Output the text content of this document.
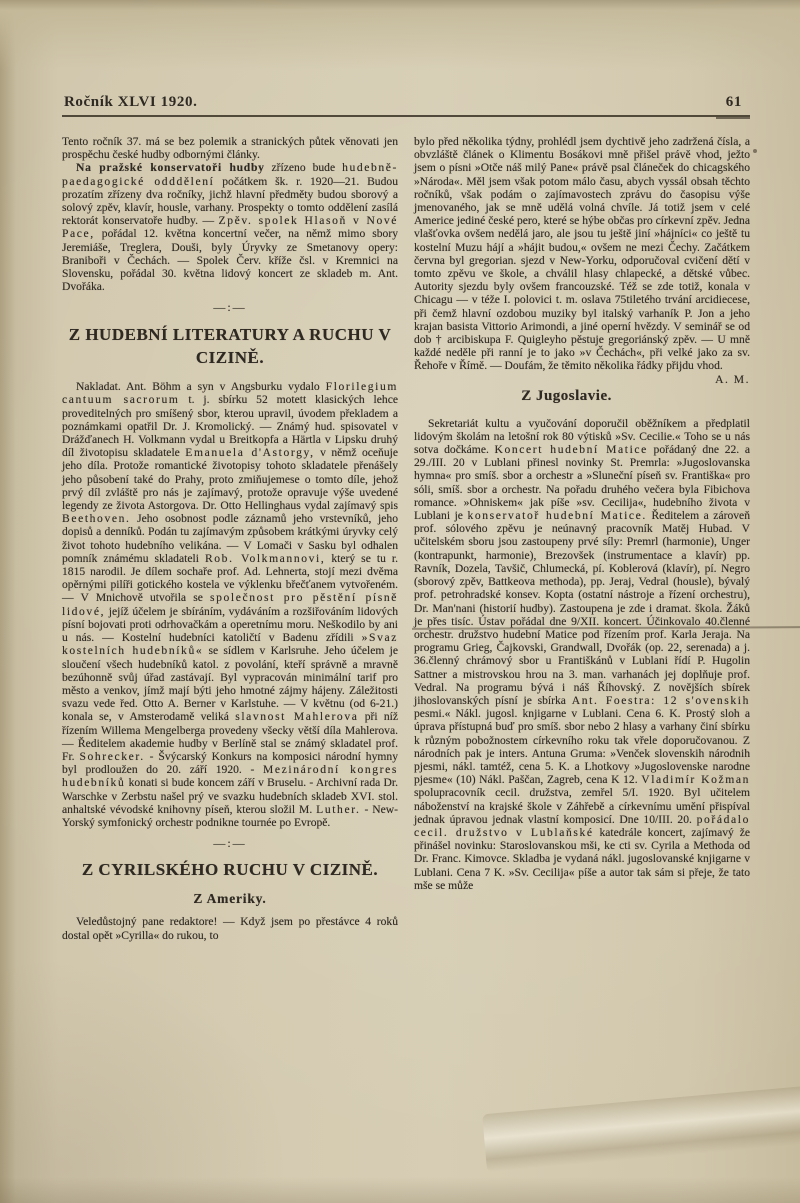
Ročník XLVI 1920.	61

Tento ročník 37. má se bez polemik a stranických půtek věnovati jen prospěchu české hudby odbornými články.

Na pražské konservatoři hudby zřízeno bude hudebně-paedagogické odddělení počátkem šk. r. 1920—21. Budou prozatím zřízeny dva ročníky, jichž hlavní předměty budou sborový a solový zpěv, klavír, housle, varhany. Prospekty o tomto oddělení zasílá rektorát konservatoře hudby. — Zpěv. spolek Hlasoň v Nové Pace, pořádal 12. května koncertní večer, na němž mimo sbory Jeremiáše, Treglera, Douši, byly Úryvky ze Smetanovy opery: Braniboři v Čechách. — Spolek Červ. kříže čsl. v Kremnici na Slovensku, pořádal 30. května lidový koncert ze skladeb m. Ant. Dvořáka.

—:—
Z HUDEBNÍ LITERATURY A RUCHU V CIZINĚ.

Nakladat. Ant. Böhm a syn v Angsburku vydalo Florilegium cantuum sacrorum t. j. sbírku 52 motett klasických lehce proveditelných pro smíšený sbor, kterou upravil, úvodem překladem a poznámkami opatřil Dr. J. Kromolický. — Známý hud. spisovatel v Drážďanech H. Volkmann vydal u Breitkopfa a Härtla v Lipsku druhý díl životopisu skladatele Emanuela d'Astorgy, v němž oceňuje jeho díla. Protože romantické životopisy tohoto skladatele přenášely jeho působení také do Prahy, proto zmiňujemese o tomto díle, jehož prvý díl zvláště pro nás je zajímavý, protože opravuje výše uvedené legendy ze života Astorgova. Dr. Otto Hellinghaus vydal zajímavý spis Beethoven. Jeho osobnost podle záznamů jeho vrstevníků, jeho dopisů a denníků. Podán tu zajímavým způsobem krátkými úryvky celý život tohoto hudebního velikána. — V Lomači v Sasku byl odhalen pomník známému skladateli Rob. Volkmannovi, který se tu r. 1815 narodil. Je dílem sochaře prof. Ad. Lehnerta, stojí mezi dvěma opěrnými pilíři gotického kostela ve výklenku břečťanem vytvořeném. — V Mnichově utvořila se společnost pro pěstění písně lidové, jejíž účelem je sbíráním, vydáváním a rozšiřováním lidových písní bojovati proti odrhovačkám a operetnímu moru. Neškodilo by ani u nás. — Kostelní hudebníci katoličtí v Badenu zřídili »Svaz kostelních hudebníků« se sídlem v Karlsruhe. Jeho účelem je sloučení všech hudebníků katol. z povolání, kteří správně a mravně bezúhonně svůj úřad zastávají. Byl vypracován minimální tarif pro město a venkov, jímž mají býti jeho hmotné zájmy hájeny. Záležitosti svazu vede řed. Otto A. Berner v Karlstuhe. — V květnu (od 6-21.) konala se, v Amsterodamě veliká slavnost Mahlerova při níž řízením Willema Mengelberga provedeny všecky větší díla Mahlerova. — Ředitelem akademie hudby v Berlíně stal se známý skladatel prof. Fr. Sohrecker. - Švýcarský Konkurs na komposici národní hymny byl prodloužen do 20. září 1920. - Mezinárodní kongres hudebníků konati si bude koncem září v Bruselu. - Archivní rada Dr. Warschke v Zerbstu našel prý ve svazku hudebních skladeb XVI. stol. anhaltské vévodské knihovny píseň, kterou složil M. Luther. - New-Yorský symfonický orchestr podnikne tournée po Evropě.

—:—
Z CYRILSKÉHO RUCHU V CIZINĚ.
Z Ameriky.

Veledůstojný pane redaktore! — Když jsem po přestávce 4 roků dostal opět »Cyrilla« do rukou, to

bylo před několika týdny, prohlédl jsem dychtivě jeho zadržená čísla, a obvzláště článek o Klimentu Bosákovi mně přišel právě vhod, ježto jsem o písni »Otče náš milý Pane« právě psal článeček do chicagského »Národa«. Měl jsem však potom málo času, abych vyssál obsah těchto ročníků, však podám o zajímavostech zprávu do časopisu výše jmenovaného, jak se mně udělá volná chvíle. Já totiž jsem v celé Americe jediné české pero, které se hýbe občas pro církevní zpěv. Jedna vlašťovka ovšem nedělá jaro, ale jsou tu ještě jiní »hájníci« co ještě tu kostelní Muzu hájí a »hájit budou,« ovšem ne mezi Čechy. Začátkem června byl gregorian. sjezd v New-Yorku, odporučoval cvičení dětí v tomto zpěvu ve škole, a chválil hlasy chlapecké, a dětské vůbec. Autority sjezdu byly ovšem francouzské. Též se zde totiž, konala v Chicagu — v téže I. polovici t. m. oslava 75tiletého trvání arcidiecese, při čemž hlavní ozdobou muziky byl italský varhaník P. Jon a jeho krajan basista Vittorio Arimondi, a jiné operní hvězdy. V seminář se od dob † arcibiskupa F. Quigleyho pěstuje gregoriánský zpěv. — U mně každé neděle při ranní je to jako »v Čechách«, při velké jako za sv. Řehoře v Římě. — Doufám, že těmito několika řádky přijdu vhod.
A. M.

Z Jugoslavie.

Sekretariát kultu a vyučování doporučil oběžníkem a předplatil lidovým školám na letošní rok 80 výtisků »Sv. Cecilie.« Toho se u nás sotva dočkáme. Koncert hudební Matice pořádaný dne 22. a 29./III. 20 v Lublani přinesl novinky St. Premrla: »Jugoslovanska hymna« pro smíš. sbor a orchestr a »Sluneční píseň sv. Františka« pro sóli, smíš. sbor a orchestr. Na pořadu druhého večera byla Fibichova romance. »Ohniskem« jak píše »sv. Cecilija«, hudebního života v Lublani je konservatoř hudební Matice. Ředitelem a zároveň prof. sólového zpěvu je neúnavný pracovník Matěj Hubad. V učitelském sboru jsou zastoupeny prvé síly: Premrl (harmonie), Unger (kontrapunkt, harmonie), Brezovšek (instrumentace a klavír) pp. Ravník, Dozela, Tavšič, Chlumecká, pí. Koblerová (klavír), pí. Negro (sborový zpěv, Battkeova methoda), pp. Jeraj, Vedral (housle), bývalý prof. petrohradské konsev. Kopta (ostatní nástroje a řízení orchestru), Dr. Man'nani (historií hudby). Zastoupena je zde i dramat. škola. Žáků je přes tisíc. Ústav pořádal dne 9/XII. koncert. Účinkovalo 40.členné orchestr. družstvo hudební Matice pod řízením prof. Karla Jeraja. Na programu Grieg, Čajkovski, Grandwall, Dvořák (op. 22, serenada) a j. 36.členný chrámový sbor u Františkánů v Lublani řídí P. Hugolin Sattner a mistrovskou hrou na 3. man. varhanách jej doplňuje prof. Vedral. Na programu bývá i náš Říhovský. Z novějších sbírek jihoslovanských písní je sbírka Ant. Foestra: 12 s'ovenskih pesmi.« Nákl. jugosl. knjigarne v Lublani. Cena 6. K. Prostý sloh a úprava přístupná buď pro smíš. sbor nebo 2 hlasy a varhany činí sbírku k různým pobožnostem církevního roku tak vřele doporučovanou. Z národních pak je inters. Antuna Gruma: »Venček slovenskih národnih pjesmi, nákl. tamtéž, cena 5. K. a Lhotkovy »Jugoslovenske narodne pjesme« (10) Nákl. Paščan, Zagreb, cena K 12. Vladimír Kožman spolupracovník cecil. družstva, zemřel 5/I. 1920. Byl učitelem náboženství na krajské škole v Záhřebě a církevnímu umění přispíval jednak úpravou jednak vlastní komposicí. Dne 10/III. 20. pořádalo cecil. družstvo v Lublaňské katedrále koncert, zajímavý že přinášel novinku: Staroslovanskou mši, ke cti sv. Cyrila a Methoda od Dr. Franc. Kimovce. Skladba je vydaná nákl. jugoslovanské knjigarne v Lublani. Cena 7 K. »Sv. Cecilija« píše a autor tak sám si přeje, že tato mše se může
